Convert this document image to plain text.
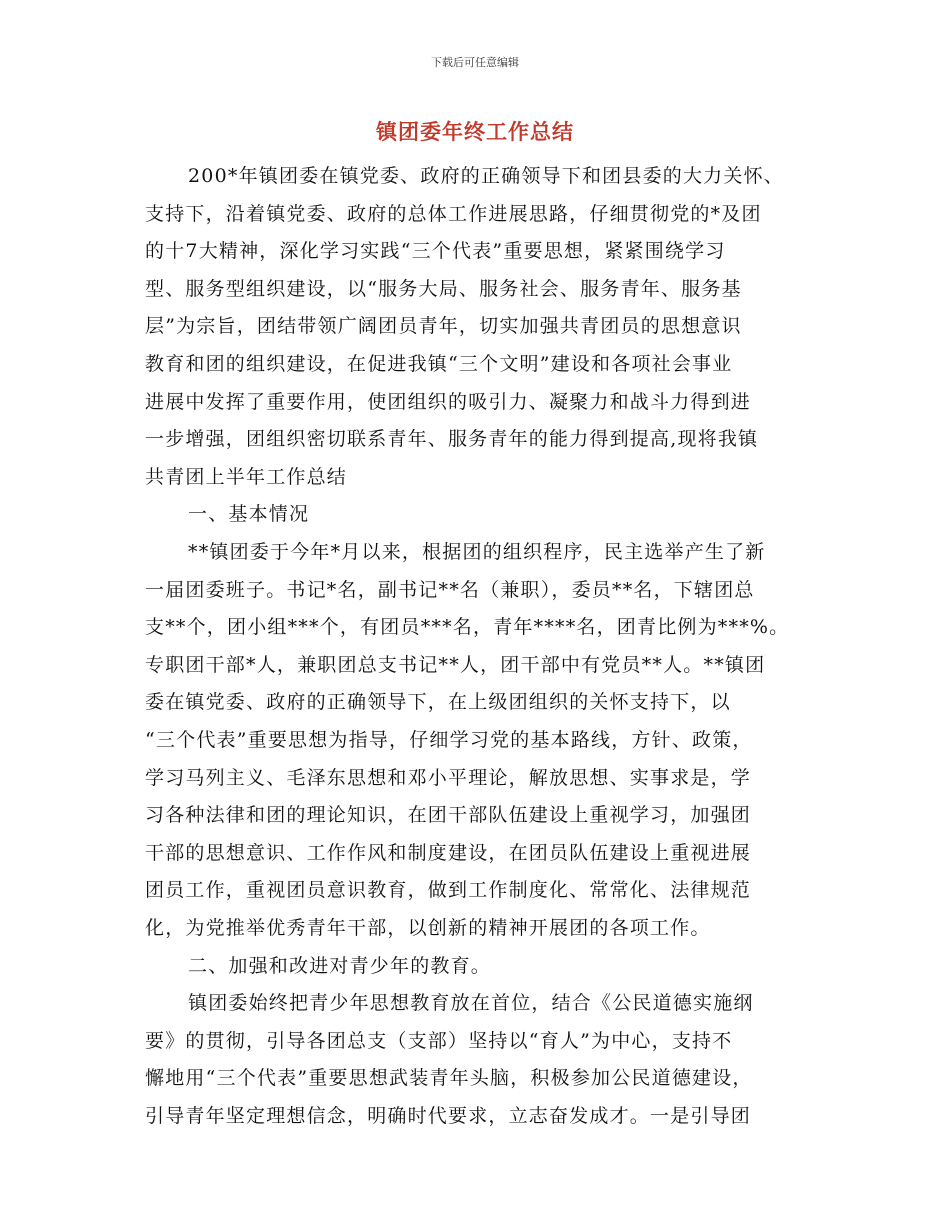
下载后可任意编辑
镇团委年终工作总结
200*年镇团委在镇党委、政府的正确领导下和团县委的大力关怀、
支持下，沿着镇党委、政府的总体工作进展思路，仔细贯彻党的*及团
的十7大精神，深化学习实践“三个代表”重要思想，紧紧围绕学习
型、服务型组织建设，以“服务大局、服务社会、服务青年、服务基
层”为宗旨，团结带领广阔团员青年，切实加强共青团员的思想意识
教育和团的组织建设，在促进我镇“三个文明”建设和各项社会事业
进展中发挥了重要作用，使团组织的吸引力、凝聚力和战斗力得到进
一步增强，团组织密切联系青年、服务青年的能力得到提高,现将我镇
共青团上半年工作总结
一、基本情况
**镇团委于今年*月以来，根据团的组织程序，民主选举产生了新
一届团委班子。书记*名，副书记**名（兼职），委员**名，下辖团总
支**个，团小组***个，有团员***名，青年****名，团青比例为***%。
专职团干部*人，兼职团总支书记**人，团干部中有党员**人。**镇团
委在镇党委、政府的正确领导下，在上级团组织的关怀支持下，以
“三个代表”重要思想为指导，仔细学习党的基本路线，方针、政策，
学习马列主义、毛泽东思想和邓小平理论，解放思想、实事求是，学
习各种法律和团的理论知识，在团干部队伍建设上重视学习，加强团
干部的思想意识、工作作风和制度建设，在团员队伍建设上重视进展
团员工作，重视团员意识教育，做到工作制度化、常常化、法律规范
化，为党推举优秀青年干部，以创新的精神开展团的各项工作。
二、加强和改进对青少年的教育。
镇团委始终把青少年思想教育放在首位，结合《公民道德实施纲
要》的贯彻，引导各团总支（支部）坚持以“育人”为中心，支持不
懈地用“三个代表”重要思想武装青年头脑，积极参加公民道德建设，
引导青年坚定理想信念，明确时代要求，立志奋发成才。一是引导团
